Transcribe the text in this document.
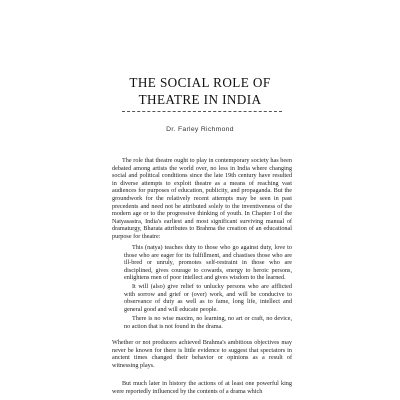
THE SOCIAL ROLE OF
THEATRE IN INDIA
Dr. Farley Richmond

The role that theatre ought to play in contemporary society has been debated among artists the world over, no less in India where changing social and political conditions since the late 19th century have resulted in diverse attempts to exploit theatre as a means of reaching vast audiences for purposes of education, publicity, and propaganda. But the groundwork for the relatively recent attempts may be seen in past precedents and need not be attributed solely to the inventiveness of the modern age or to the progressive thinking of youth. In Chapter I of the Natyasastra, India's earliest and most significant surviving manual of dramaturgy, Bharata attributes to Brahma the creation of an educational purpose for theatre:

This (natya) teaches duty to those who go against duty, love to those who are eager for its fulfillment, and chastises those who are ill-bred or unruly, promotes self-restraint in those who are disciplined, gives courage to cowards, energy to heroic persons, enlightens men of poor intellect and gives wisdom to the learned.

It will (also) give relief to unlucky persons who are afflicted with sorrow and grief or (over) work, and will be conducive to observance of duty as well as to fame, long life, intellect and general good and will educate people.

There is no wise maxim, no learning, no art or craft, no device, no action that is not found in the drama.

Whether or not producers achieved Brahma's ambitious objectives may never be known for there is little evidence to suggest that spectators in ancient times changed their behavior or opinions as a result of witnessing plays.

But much later in history the actions of at least one powerful king were reportedly influenced by the contents of a drama which
